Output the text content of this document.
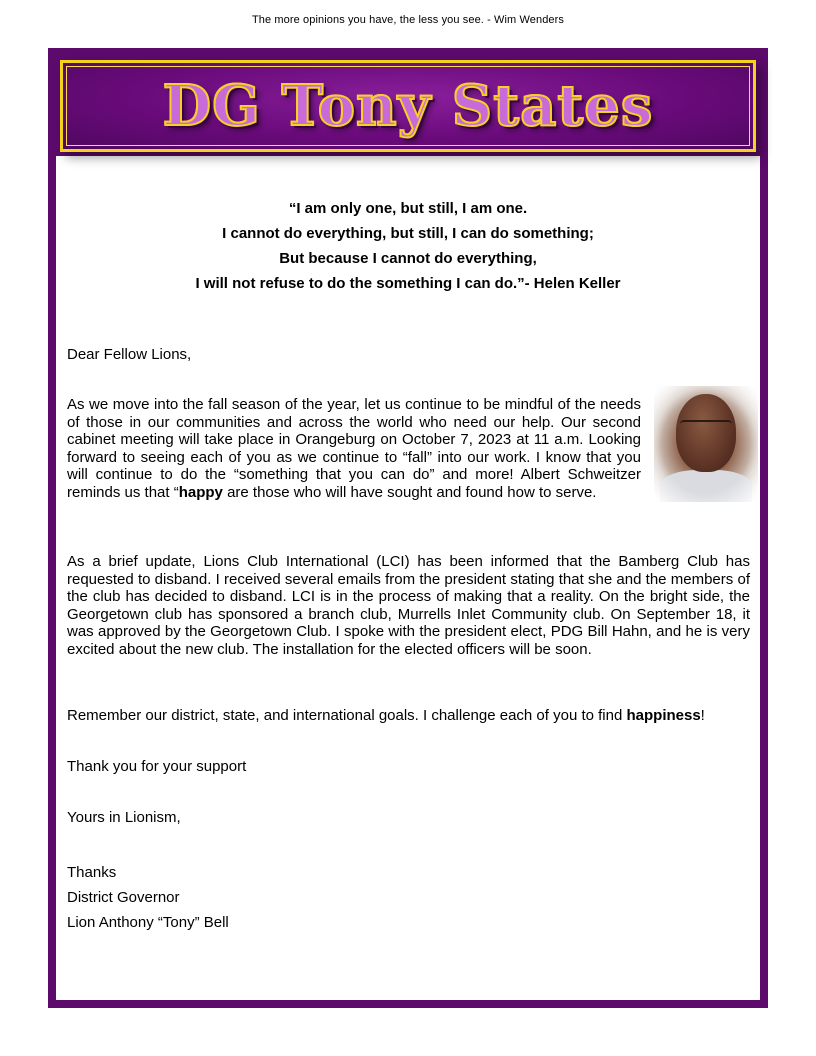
The more opinions you have, the less you see. - Wim Wenders
DG Tony States
“I am only one, but still, I am one.
I cannot do everything, but still, I can do something;
But because I cannot do everything,
I will not refuse to do the something I can do.”- Helen Keller
Dear Fellow Lions,
As we move into the fall season of the year, let us continue to be mindful of the needs of those in our communities and across the world who need our help. Our second cabinet meeting will take place in Orangeburg on October 7, 2023 at 11 a.m. Looking forward to seeing each of you as we continue to “fall” into our work. I know that you will continue to do the “something that you can do” and more! Albert Schweitzer reminds us that “happy are those who will have sought and found how to serve.
As a brief update, Lions Club International (LCI) has been informed that the Bamberg Club has requested to disband. I received several emails from the president stating that she and the members of the club has decided to disband. LCI is in the process of making that a reality. On the bright side, the Georgetown club has sponsored a branch club, Murrells Inlet Community club. On September 18, it was approved by the Georgetown Club. I spoke with the president elect, PDG Bill Hahn, and he is very excited about the new club. The installation for the elected officers will be soon.
Remember our district, state, and international goals. I challenge each of you to find happiness!
Thank you for your support
Yours in Lionism,
Thanks
District Governor
Lion Anthony “Tony” Bell
